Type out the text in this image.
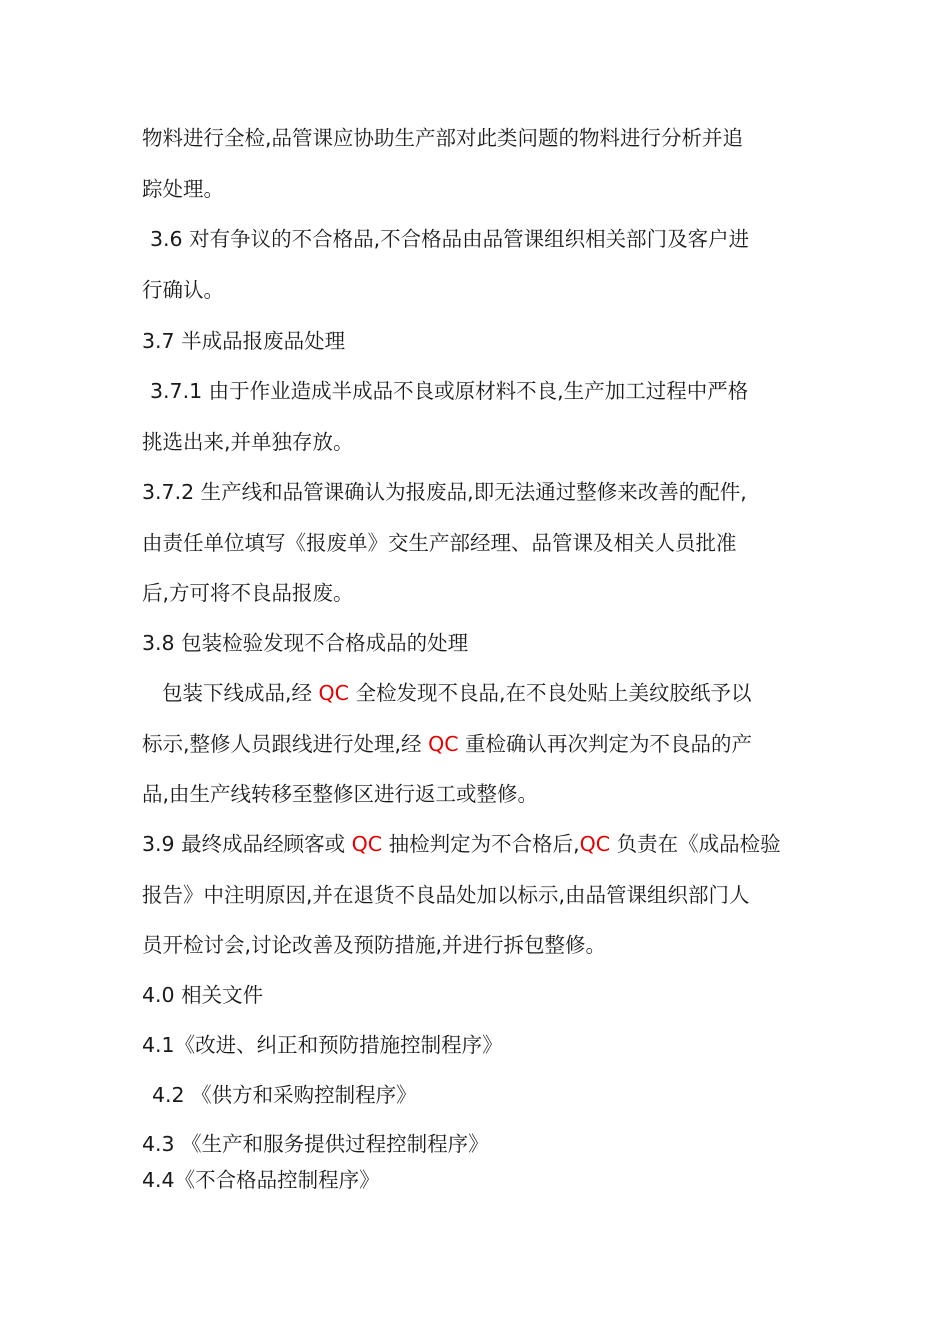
物料进行全检,品管课应协助生产部对此类问题的物料进行分析并追
踪处理。
3.6 对有争议的不合格品,不合格品由品管课组织相关部门及客户进
行确认。
3.7 半成品报废品处理
3.7.1 由于作业造成半成品不良或原材料不良,生产加工过程中严格
挑选出来,并单独存放。
3.7.2 生产线和品管课确认为报废品,即无法通过整修来改善的配件,
由责任单位填写《报废单》交生产部经理、品管课及相关人员批准
后,方可将不良品报废。
3.8 包装检验发现不合格成品的处理
包装下线成品,经 QC 全检发现不良品,在不良处贴上美纹胶纸予以
标示,整修人员跟线进行处理,经 QC 重检确认再次判定为不良品的产
品,由生产线转移至整修区进行返工或整修。
3.9 最终成品经顾客或 QC 抽检判定为不合格后,QC 负责在《成品检验
报告》中注明原因,并在退货不良品处加以标示,由品管课组织部门人
员开检讨会,讨论改善及预防措施,并进行拆包整修。
4.0 相关文件
4.1《改进、纠正和预防措施控制程序》
4.2 《供方和采购控制程序》
4.3 《生产和服务提供过程控制程序》
4.4《不合格品控制程序》
